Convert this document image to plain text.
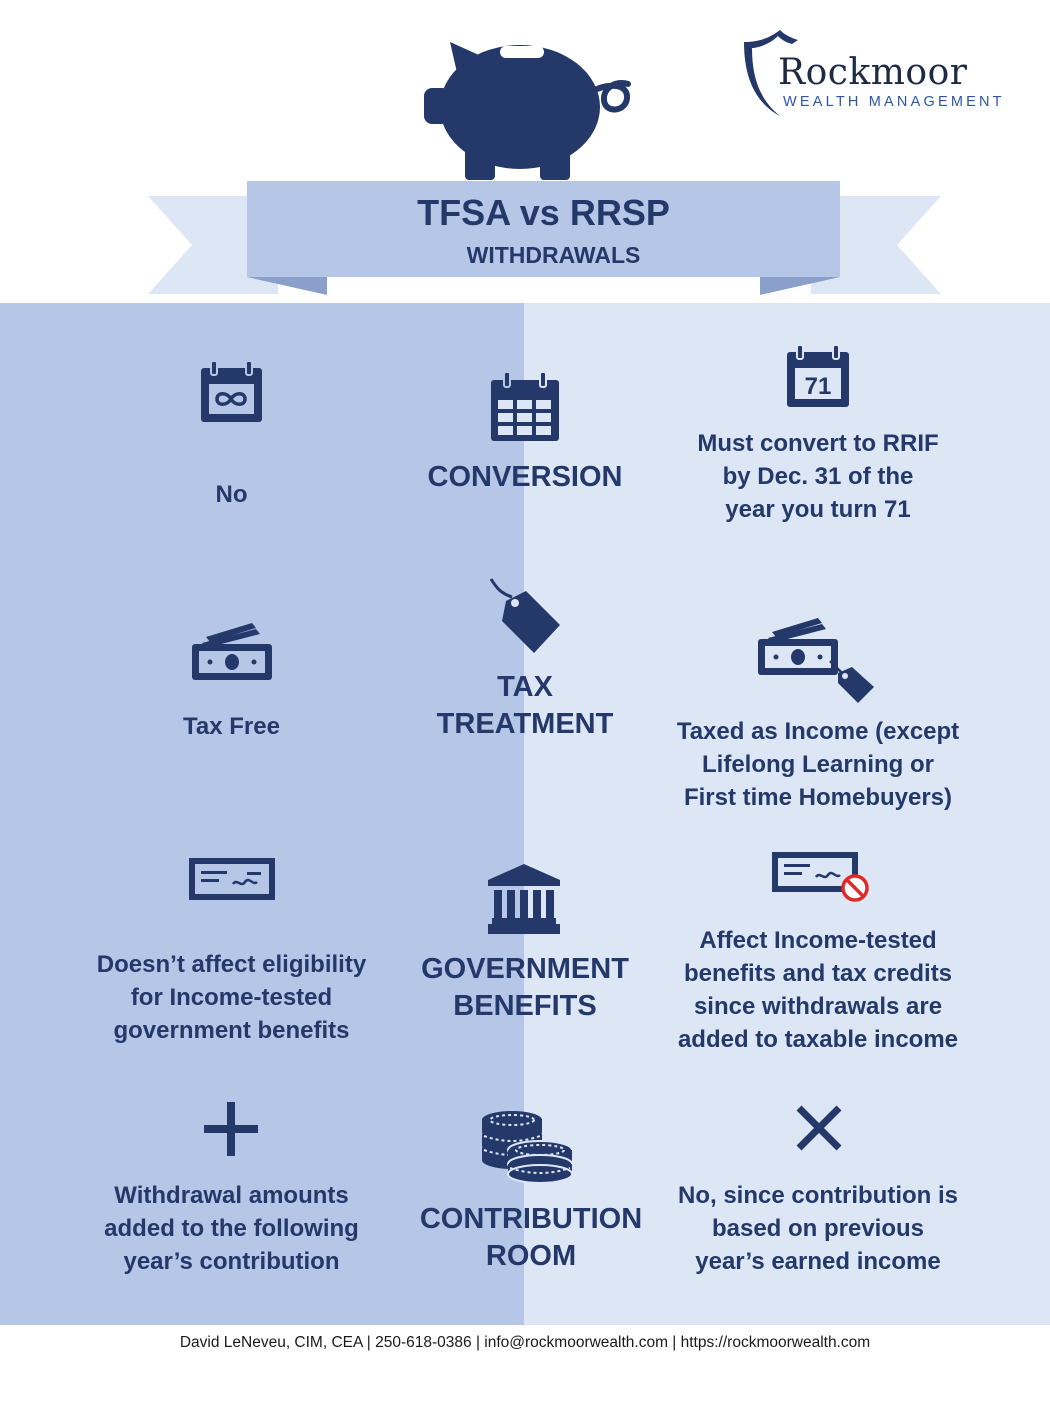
Rockmoor
WEALTH MANAGEMENT
TFSA vs RRSP
WITHDRAWALS
No
CONVERSION
71
Must convert to RRIF
by Dec. 31 of the
year you turn 71
Tax Free
TAX
TREATMENT	Taxed as Income (except
Lifelong Learning or
First time Homebuyers)
Doesn’t affect eligibility
for Income-tested
government benefits
GOVERNMENT
BENEFITS
Affect Income-tested
benefits and tax credits
since withdrawals are
added to taxable income
Withdrawal amounts
added to the following
year’s contribution
CONTRIBUTION
ROOM
No, since contribution is
based on previous
year’s earned income
David LeNeveu, CIM, CEA | 250-618-0386 | info@rockmoorwealth.com | https://rockmoorwealth.com
